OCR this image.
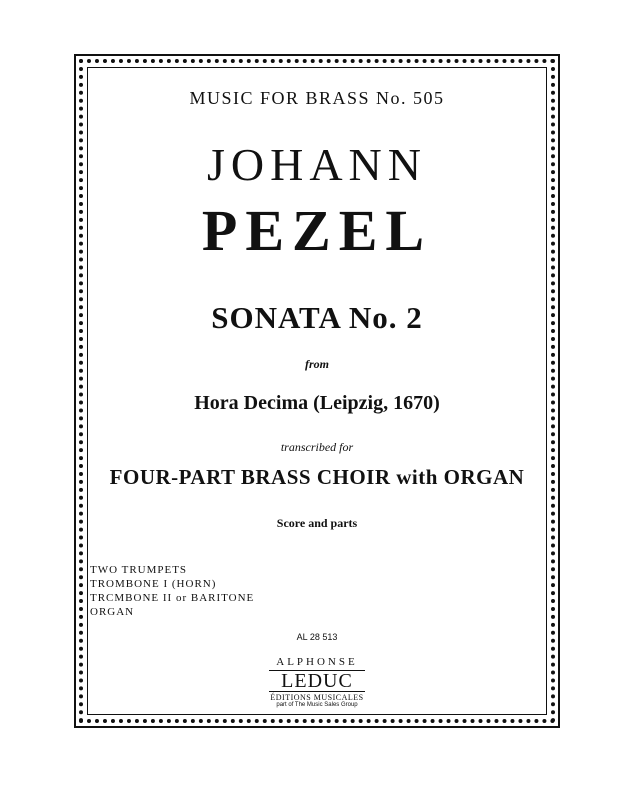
MUSIC FOR BRASS No. 505
JOHANN
PEZEL
SONATA No. 2
from
Hora Decima (Leipzig, 1670)
transcribed for
FOUR-PART BRASS CHOIR with ORGAN
Score and parts
TWO TRUMPETS
TROMBONE I (HORN)
TRCMBONE II or BARITONE
ORGAN
AL 28 513
ALPHONSE
LEDUC
ÉDITIONS MUSICALES
part of The Music Sales Group
